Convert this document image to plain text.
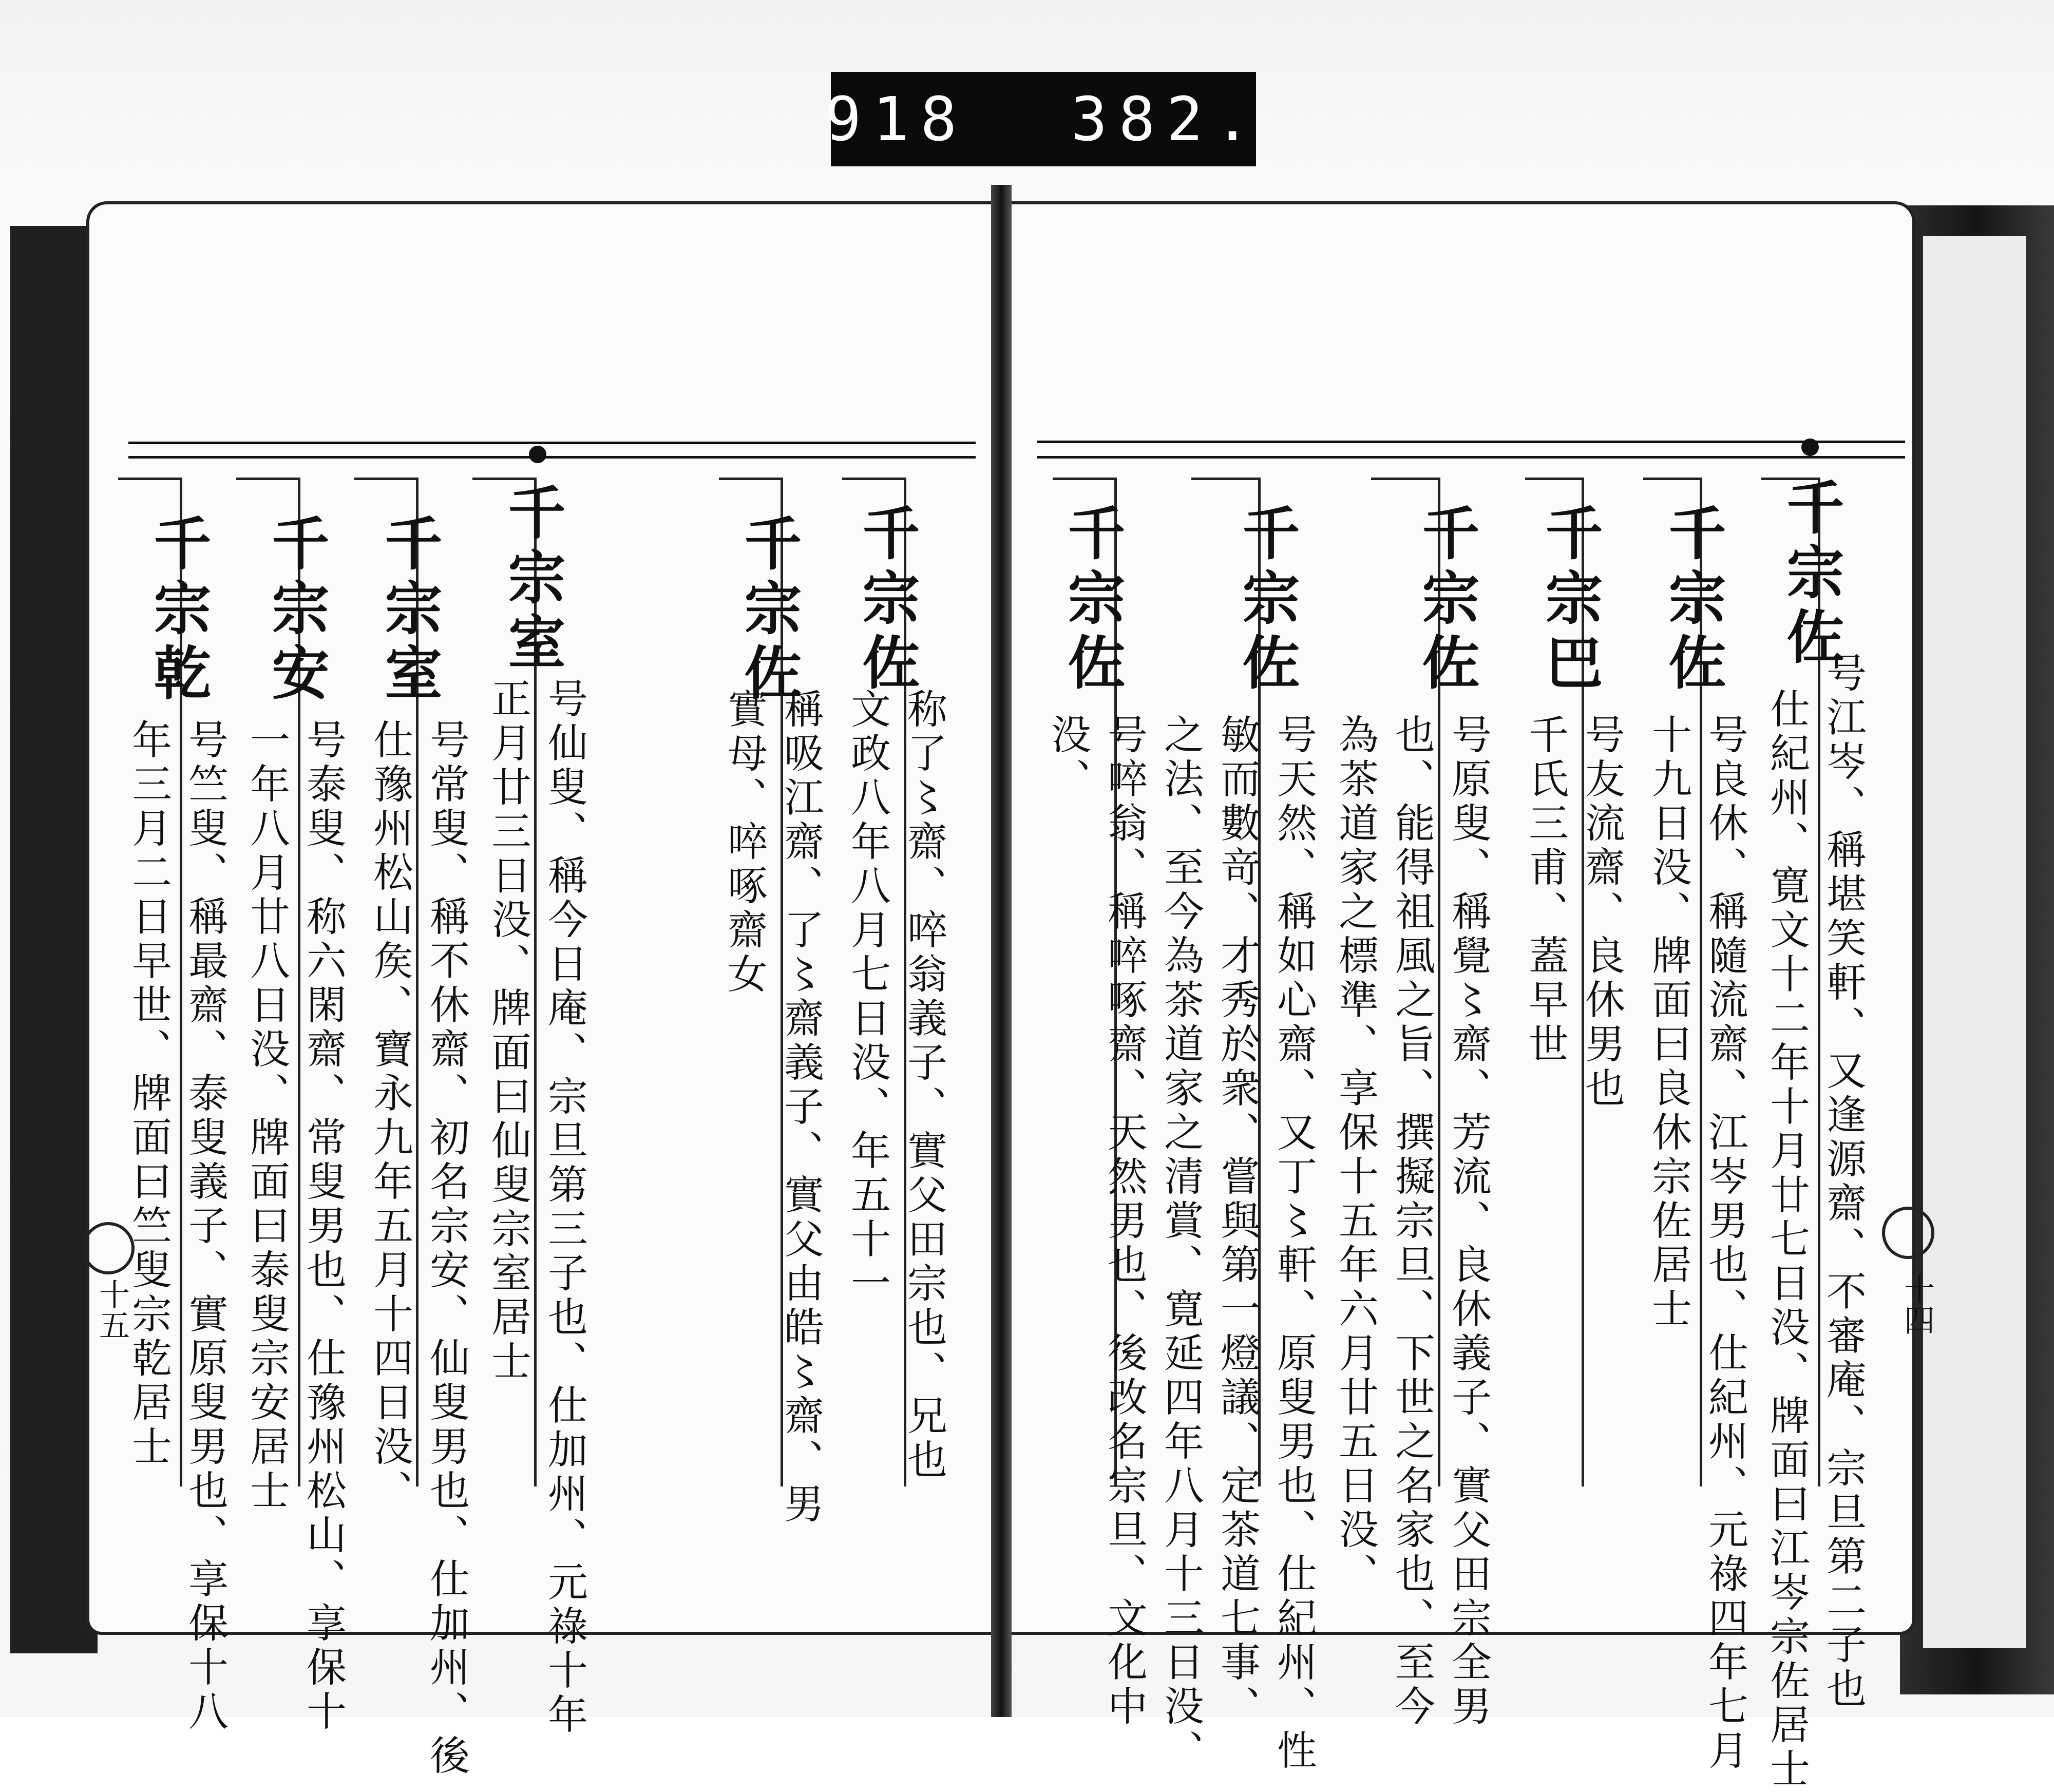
918 382.
千宗佐
号江岑、稱堪笑軒、又逢源齋、不審庵、宗旦第二子也
仕紀州、寛文十二年十月廿七日没、牌面曰江岑宗佐居士
千宗佐
号良休、稱隨流齋、江岑男也、仕紀州、元祿四年七月
十九日没、牌面曰良休宗佐居士
千宗巴
号友流齋、良休男也
千氏三甫、蓋早世
千宗佐
号原叟、稱覺〻齋、芳流、良休義子、實父田宗全男
也、能得祖風之旨、撰擬宗旦、下世之名家也、至今
為茶道家之標準、享保十五年六月廿五日没、
千宗佐
号天然、稱如心齋、又丁〻軒、原叟男也、仕紀州、性
敏而數竒、才秀於衆、嘗與第一燈議、定茶道七事、
之法、至今為茶道家之清賞、寛延四年八月十三日没、
千宗佐
号啐翁、稱啐啄齋、天然男也、後改名宗旦、文化中
没、
十四
千宗佐
称了〻齋、啐翁義子、實父田宗也、兄也
文政八年八月七日没、年五十一
千宗佐
稱吸江齋、了〻齋義子、實父由皓〻齋、男
實母、啐啄齋女
千宗室
号仙叟、稱今日庵、宗旦第三子也、仕加州、元祿十年
正月廿三日没、牌面曰仙叟宗室居士
千宗室
号常叟、稱不休齋、初名宗安、仙叟男也、仕加州、後
仕豫州松山矦、寶永九年五月十四日没、
千宗安
号泰叟、称六閑齋、常叟男也、仕豫州松山、享保十
一年八月廿八日没、牌面曰泰叟宗安居士
千宗乾
号竺叟、稱最齋、泰叟義子、實原叟男也、享保十八
年三月二日早世、牌面曰竺叟宗乾居士
十五
